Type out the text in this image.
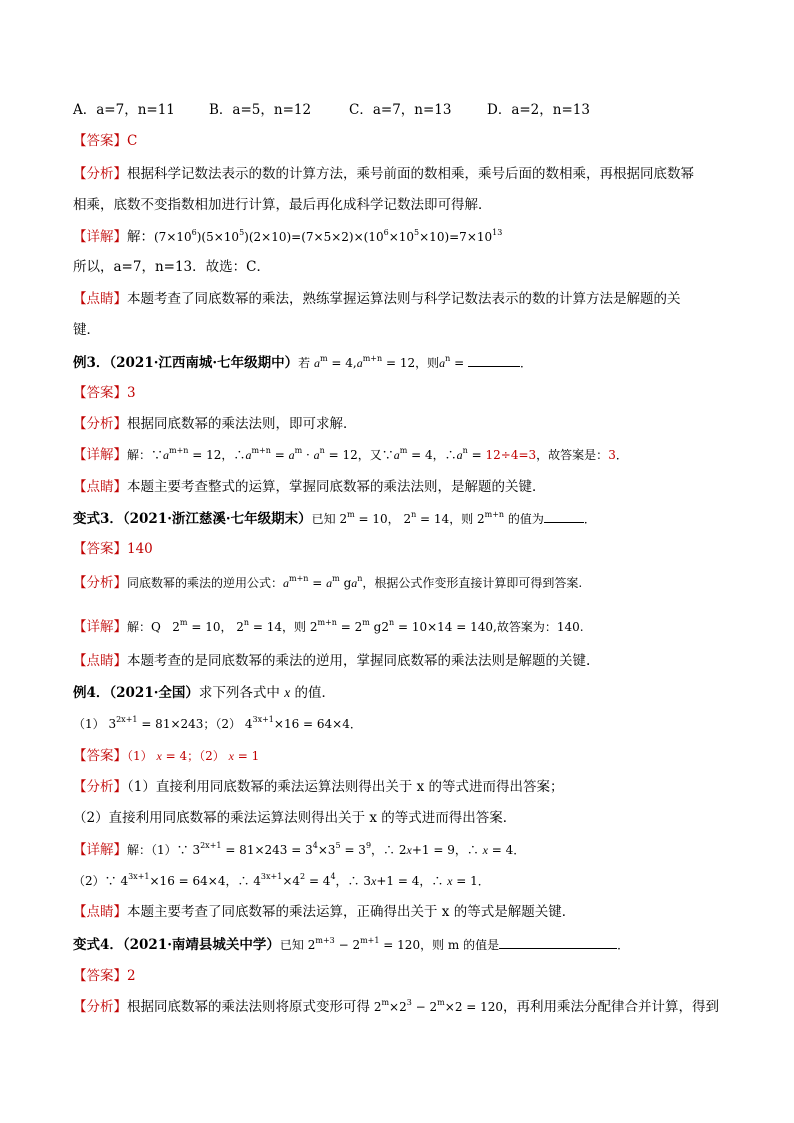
A．a=7，n=11	B．a=5，n=12	C．a=7，n=13	D．a=2，n=13
【答案】C
【分析】根据科学记数法表示的数的计算方法，乘号前面的数相乘，乘号后面的数相乘，再根据同底数幂
相乘，底数不变指数相加进行计算，最后再化成科学记数法即可得解．
【详解】解：$(7\times 10^6)(5\times 10^5)(2\times 10)=(7\times 5\times 2)\times(10^6\times 10^5\times 10)=7\times 10^{13}$
所以，a=7，n=13．故选：C．
【点睛】本题考查了同底数幂的乘法，熟练掌握运算法则与科学记数法表示的数的计算方法是解题的关
键．
例3．（2021·江西南城·七年级期中）若 $a^m = 4,a^{m+n} = 12$，则$a^n$ =	．
【答案】3
【分析】根据同底数幂的乘法法则，即可求解．
【详解】解：$\because a^{m+n} = 12$，$\therefore a^{m+n} = a^m \cdot a^n = 12$，又$\because a^m = 4$，$\therefore a^n = 12\div 4=3$，故答案是：3．
【点睛】本题主要考查整式的运算，掌握同底数幂的乘法法则，是解题的关键．
变式3．（2021·浙江慈溪·七年级期末）已知 $2^m = 10$， $2^n = 14$，则 $2^{m+n}$ 的值为	．
【答案】140
【分析】同底数幂的乘法的逆用公式：$a^{m+n} = a^m$ $ga^n$，根据公式作变形直接计算即可得到答案.
【详解】解：Q   $2^m = 10$， $2^n = 14$，则 $2^{m+n} = 2^m$ $g2^n = 10\times 14 = 140$,故答案为：140.
【点睛】本题考查的是同底数幂的乘法的逆用，掌握同底数幂的乘法法则是解题的关键.
例4．（2021·全国）求下列各式中 x 的值．
（1） $3^{2x+1} = 81\times 243$；（2） $4^{3x+1}\times 16 = 64\times 4$．
【答案】（1） x = 4；（2） x = 1
【分析】（1）直接利用同底数幂的乘法运算法则得出关于 x 的等式进而得出答案；
（2）直接利用同底数幂的乘法运算法则得出关于 x 的等式进而得出答案．
【详解】解：（1）∵ $3^{2x+1} = 81\times 243 = 3^4\times 3^5 = 3^9$，∴ 2x+1 = 9，∴ x = 4．
（2）∵ $4^{3x+1}\times 16 = 64\times 4$，∴ $4^{3x+1}\times 4^2 = 4^4$，∴ 3x+1 = 4，∴ x = 1．
【点睛】本题主要考查了同底数幂的乘法运算，正确得出关于 x 的等式是解题关键．
变式4．（2021·南靖县城关中学）已知 $2^{m+3} - 2^{m+1} = 120$，则 m 的值是	．
【答案】2
【分析】根据同底数幂的乘法法则将原式变形可得 $2^m\times 2^3 - 2^m\times 2 = 120$，再利用乘法分配律合并计算，得到
